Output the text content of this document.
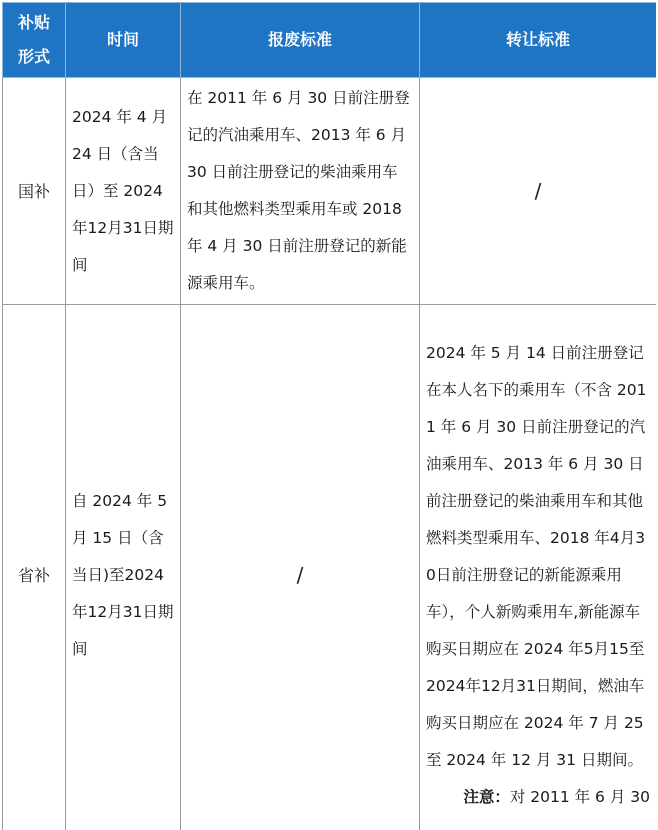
补贴
形式	时间	报废标准	转让标准
国补	2024 年 4 月 24 日（含当日）至 2024 年12月31日期间	在 2011 年 6 月 30 日前注册登记的汽油乘用车、2013 年 6 月 30 日前注册登记的柴油乘用车和其他燃料类型乘用车或 2018 年 4 月 30 日前注册登记的新能源乘用车。	/
省补	自 2024 年 5 月 15 日（含当日)至2024 年12月31日期间	/	2024 年 5 月 14 日前注册登记在本人名下的乘用车（不含 2011 年 6 月 30 日前注册登记的汽油乘用车、2013 年 6 月 30 日前注册登记的柴油乘用车和其他燃料类型乘用车、2018 年4月30日前注册登记的新能源乘用车），个人新购乘用车,新能源车购买日期应在 2024 年5月15至2024年12月31日期间，燃油车购买日期应在 2024 年 7 月 25 至 2024 年 12 月 31 日期间。
注意：对 2011 年 6 月 30
